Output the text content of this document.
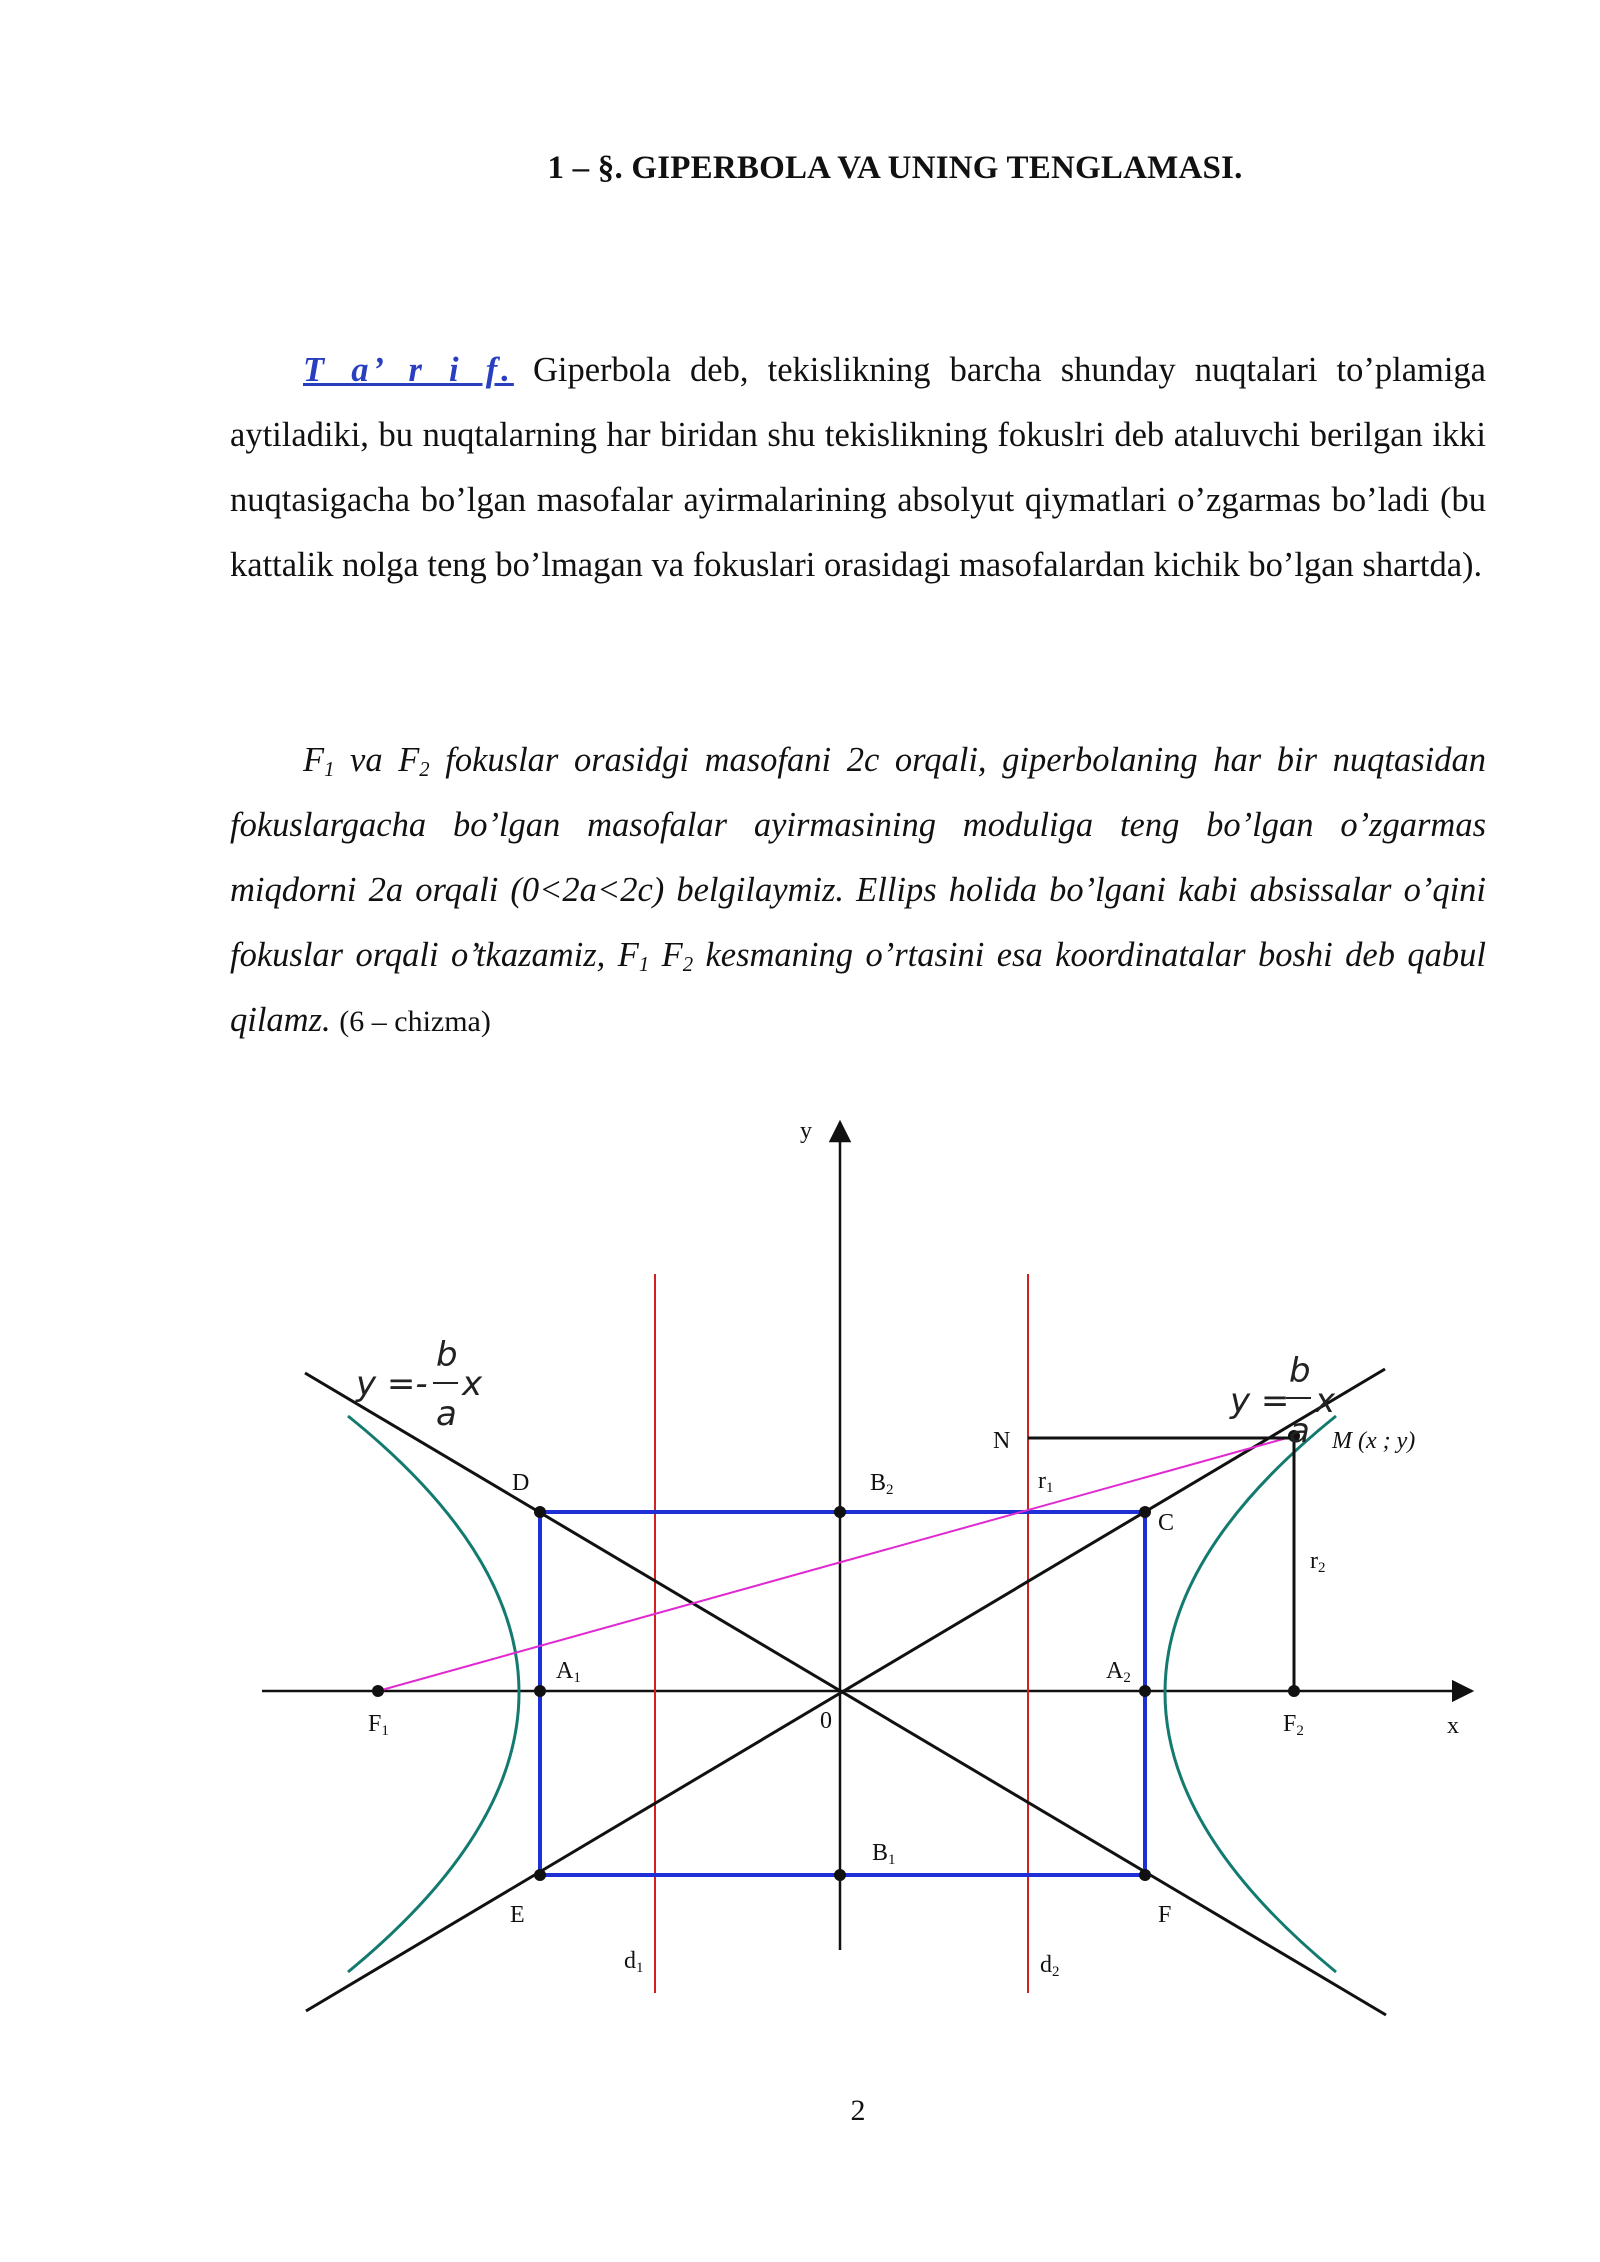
1 – §. GIPERBOLA VA UNING TENGLAMASI.

T a’ r i f. Giperbola deb, tekislikning barcha shunday nuqtalari to’plamiga aytiladiki, bu nuqtalarning har biridan shu tekislikning fokuslri deb ataluvchi berilgan ikki nuqtasigacha bo’lgan masofalar ayirmalarining absolyut qiymatlari o’zgarmas bo’ladi (bu kattalik nolga teng bo’lmagan va fokuslari orasidagi masofalardan kichik bo’lgan shartda).

$F_1$ va $F_2$ fokuslar orasidgi masofani 2c orqali, giperbolaning har bir nuqtasidan fokuslargacha bo’lgan masofalar ayirmasining moduliga teng bo’lgan o’zgarmas miqdorni 2a orqali (0<2a<2c) belgilaymiz. Ellips holida bo’lgani kabi absissalar o’qini fokuslar orqali o’tkazamiz, $F_1$ $F_2$ kesmaning o’rtasini esa koordinatalar boshi deb qabul qilamz. (6 – chizma)

y
x
0
F1	F2
A1	A2
B2
B1
r1
r2
d1	d2
C
D
E	F
N	M (x ; y)
y =-
b
a
x	y =
b
a
x
2
